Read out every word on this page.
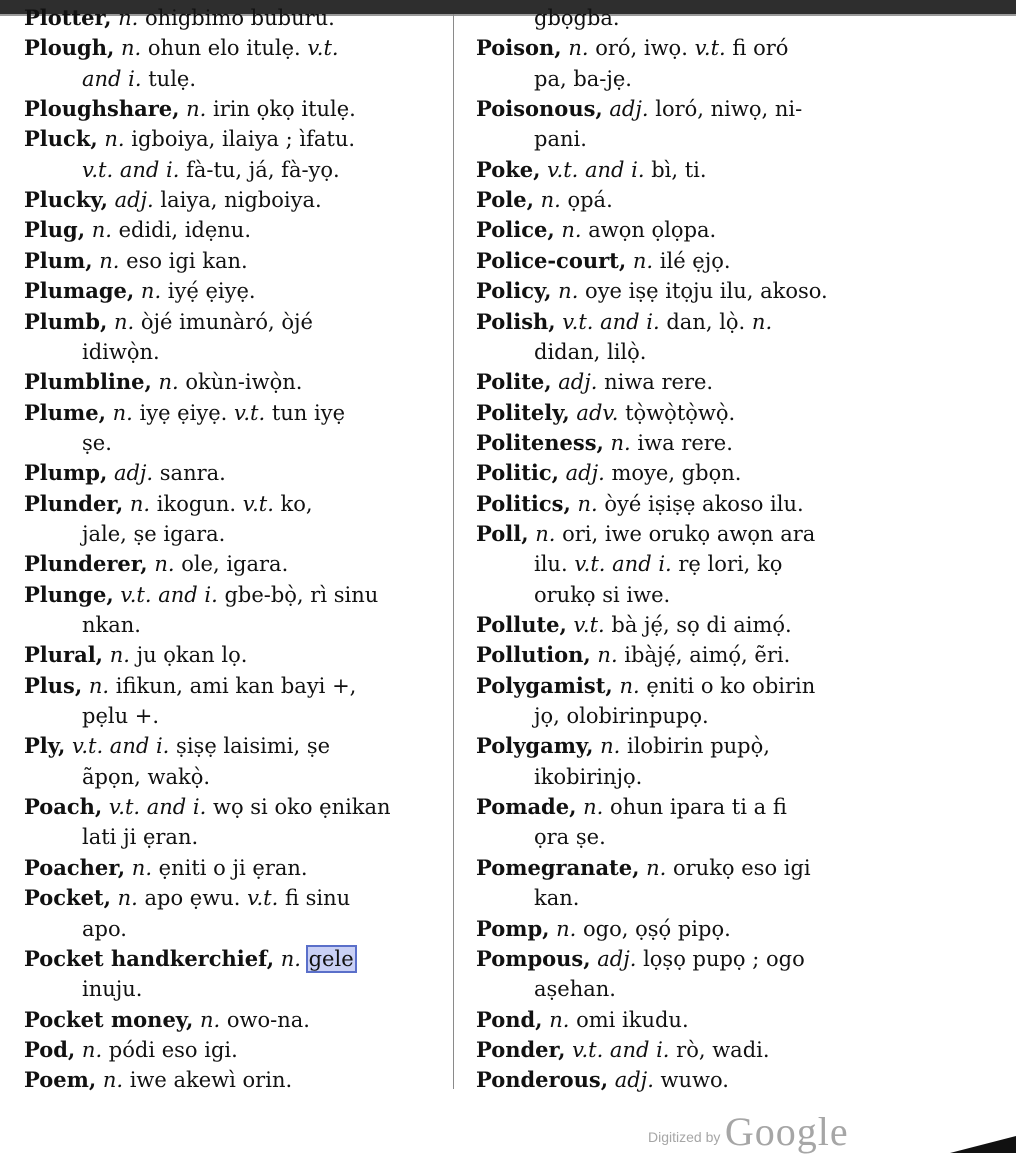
Plotter, n. ohigbimo buburu.
Plough, n. ohun elo itulẹ. v.t.
and i. tulẹ.
Ploughshare, n. irin ọkọ itulẹ.
Pluck, n. igboiya, ilaiya ; ìfatu.
v.t. and i. fà-tu, já, fà-yọ.
Plucky, adj. laiya, nigboiya.
Plug, n. edidi, idẹnu.
Plum, n. eso igi kan.
Plumage, n. iyẹ́ ẹiyẹ.
Plumb, n. òjé imunàró, òjé
idiwọ̀n.
Plumbline, n. okùn-iwọ̀n.
Plume, n. iyẹ ẹiyẹ. v.t. tun iyẹ
ṣe.
Plump, adj. sanra.
Plunder, n. ikogun. v.t. ko,
jale, ṣe igara.
Plunderer, n. ole, igara.
Plunge, v.t. and i. gbe-bọ̀, rì sinu
nkan.
Plural, n. ju ọkan lọ.
Plus, n. ifikun, ami kan bayi +,
pẹlu +.
Ply, v.t. and i. ṣiṣẹ laisimi, ṣe
ãpọn, wakọ̀.
Poach, v.t. and i. wọ si oko ẹnikan
lati ji ẹran.
Poacher, n. ẹniti o ji ẹran.
Pocket, n. apo ẹwu. v.t. fi sinu
apo.
Pocket handkerchief, n. gele
inuju.
Pocket money, n. owo-na.
Pod, n. pódi eso igi.
Poem, n. iwe akewì orin.
gbọgba.
Poison, n. oró, iwọ. v.t. fi oró
pa, ba-jẹ.
Poisonous, adj. loró, niwọ, ni-
pani.
Poke, v.t. and i. bì, ti.
Pole, n. ọpá.
Police, n. awọn ọlọpa.
Police-court, n. ilé ẹjọ.
Policy, n. oye iṣẹ itọju ilu, akoso.
Polish, v.t. and i. dan, lọ̀. n.
didan, lilọ̀.
Polite, adj. niwa rere.
Politely, adv. tọ̀wọ̀tọ̀wọ̀.
Politeness, n. iwa rere.
Politic, adj. moye, gbọn.
Politics, n. òyé iṣiṣẹ akoso ilu.
Poll, n. ori, iwe orukọ awọn ara
ilu. v.t. and i. rẹ lori, kọ
orukọ si iwe.
Pollute, v.t. bà jẹ́, sọ di aimọ́.
Pollution, n. ibàjẹ́, aimọ́, ẽri.
Polygamist, n. ẹniti o ko obirin
jọ, olobirinpupọ.
Polygamy, n. ilobirin pupọ̀,
ikobirinjọ.
Pomade, n. ohun ipara ti a fi
ọra ṣe.
Pomegranate, n. orukọ eso igi
kan.
Pomp, n. ogo, ọṣọ́ pipọ.
Pompous, adj. lọṣọ pupọ ; ogo
aṣehan.
Pond, n. omi ikudu.
Ponder, v.t. and i. rò, wadi.
Ponderous, adj. wuwo.
Digitized by Google
